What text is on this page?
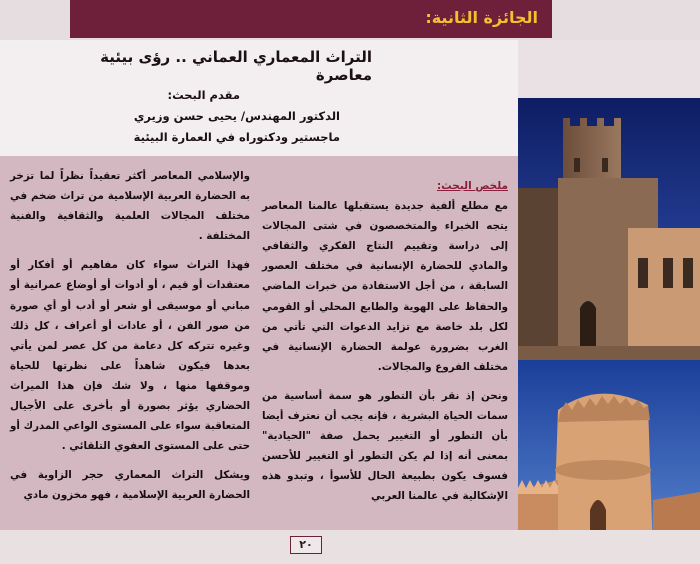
الجائزة الثانية:
التراث المعماري العماني .. رؤى بيئية معاصرة
مقدم البحث:
الدكتور المهندس/ يحيى حسن وزيري
ماجستير ودكتوراه في العمارة البيئية

ملخص البحث:
مع مطلع ألفية جديدة يستقبلها عالمنا المعاصر يتجه الخبراء والمتخصصون في شتى المجالات إلى دراسة وتقييم النتاج الفكري والثقافي والمادي للحضارة الإنسانية في مختلف العصور السابقة ، من أجل الاستفادة من خبرات الماضي والحفاظ على الهوية والطابع المحلي أو القومي لكل بلد خاصة مع تزايد الدعوات التي تأتي من الغرب بضرورة عولمة الحضارة الإنسانية في مختلف الفروع والمجالات.

ونحن إذ نقر بأن التطور هو سمة أساسية من سمات الحياة البشرية ، فإنه يجب أن نعترف أيضا بأن التطور أو التغيير يحمل صفة "الحيادية" بمعنى أنه إذا لم يكن التطور أو التغيير للأحسن فسوف يكون بطبيعة الحال للأسوأ ، وتبدو هذه الإشكالية في عالمنا العربي

والإسلامي المعاصر أكثر تعقيداً نظراً لما تزخر به الحضارة العربية الإسلامية من تراث ضخم في مختلف المجالات العلمية والثقافية والفنية المختلفة .

فهذا التراث سواء كان مفاهيم أو أفكار أو معتقدات أو قيم ، أو أدوات أو أوضاع عمرانية أو مباني أو موسيقى أو شعر أو أدب أو أي صورة من صور الفن ، أو عادات أو أعراف ، كل ذلك وغيره تتركه كل دعامة من كل عصر لمن يأتي بعدها فيكون شاهداً على نظرتها للحياة وموقفها منها ، ولا شك فإن هذا الميراث الحضاري يؤثر بصورة أو بأخرى على الأجيال المتعاقبة سواء على المستوى الواعي المدرك أو حتى على المستوى العفوي التلقائي .

ويشكل التراث المعماري حجر الزاوية في الحضارة العربية الإسلامية ، فهو مخزون مادي

٢٠
